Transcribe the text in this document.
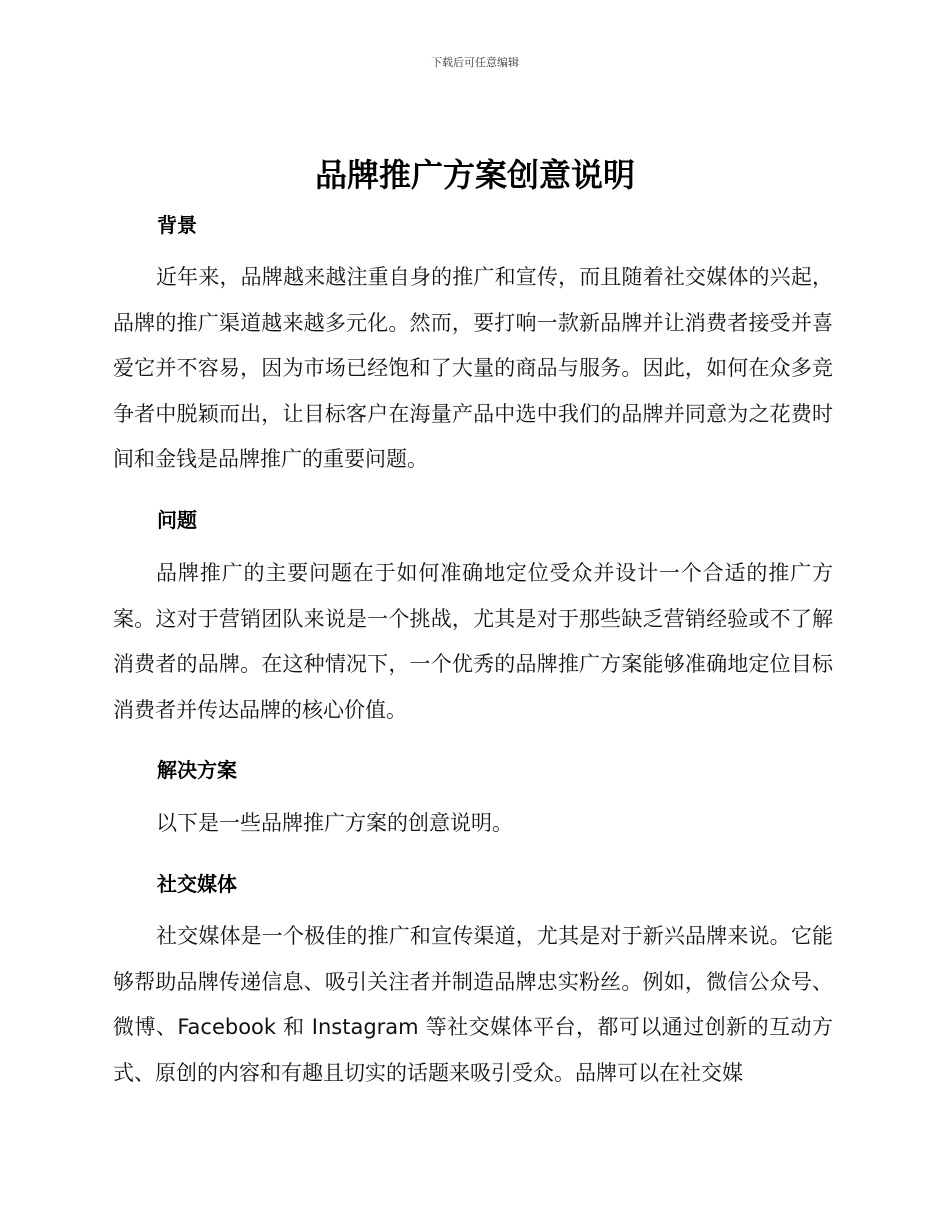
下载后可任意编辑
品牌推广方案创意说明
背景

近年来，品牌越来越注重自身的推广和宣传，而且随着社交媒体的兴起，品牌的推广渠道越来越多元化。然而，要打响一款新品牌并让消费者接受并喜爱它并不容易，因为市场已经饱和了大量的商品与服务。因此，如何在众多竞争者中脱颖而出，让目标客户在海量产品中选中我们的品牌并同意为之花费时间和金钱是品牌推广的重要问题。

问题

品牌推广的主要问题在于如何准确地定位受众并设计一个合适的推广方案。这对于营销团队来说是一个挑战，尤其是对于那些缺乏营销经验或不了解消费者的品牌。在这种情况下，一个优秀的品牌推广方案能够准确地定位目标消费者并传达品牌的核心价值。

解决方案

以下是一些品牌推广方案的创意说明。

社交媒体

社交媒体是一个极佳的推广和宣传渠道，尤其是对于新兴品牌来说。它能够帮助品牌传递信息、吸引关注者并制造品牌忠实粉丝。例如，微信公众号、微博、Facebook 和 Instagram 等社交媒体平台，都可以通过创新的互动方式、原创的内容和有趣且切实的话题来吸引受众。品牌可以在社交媒
